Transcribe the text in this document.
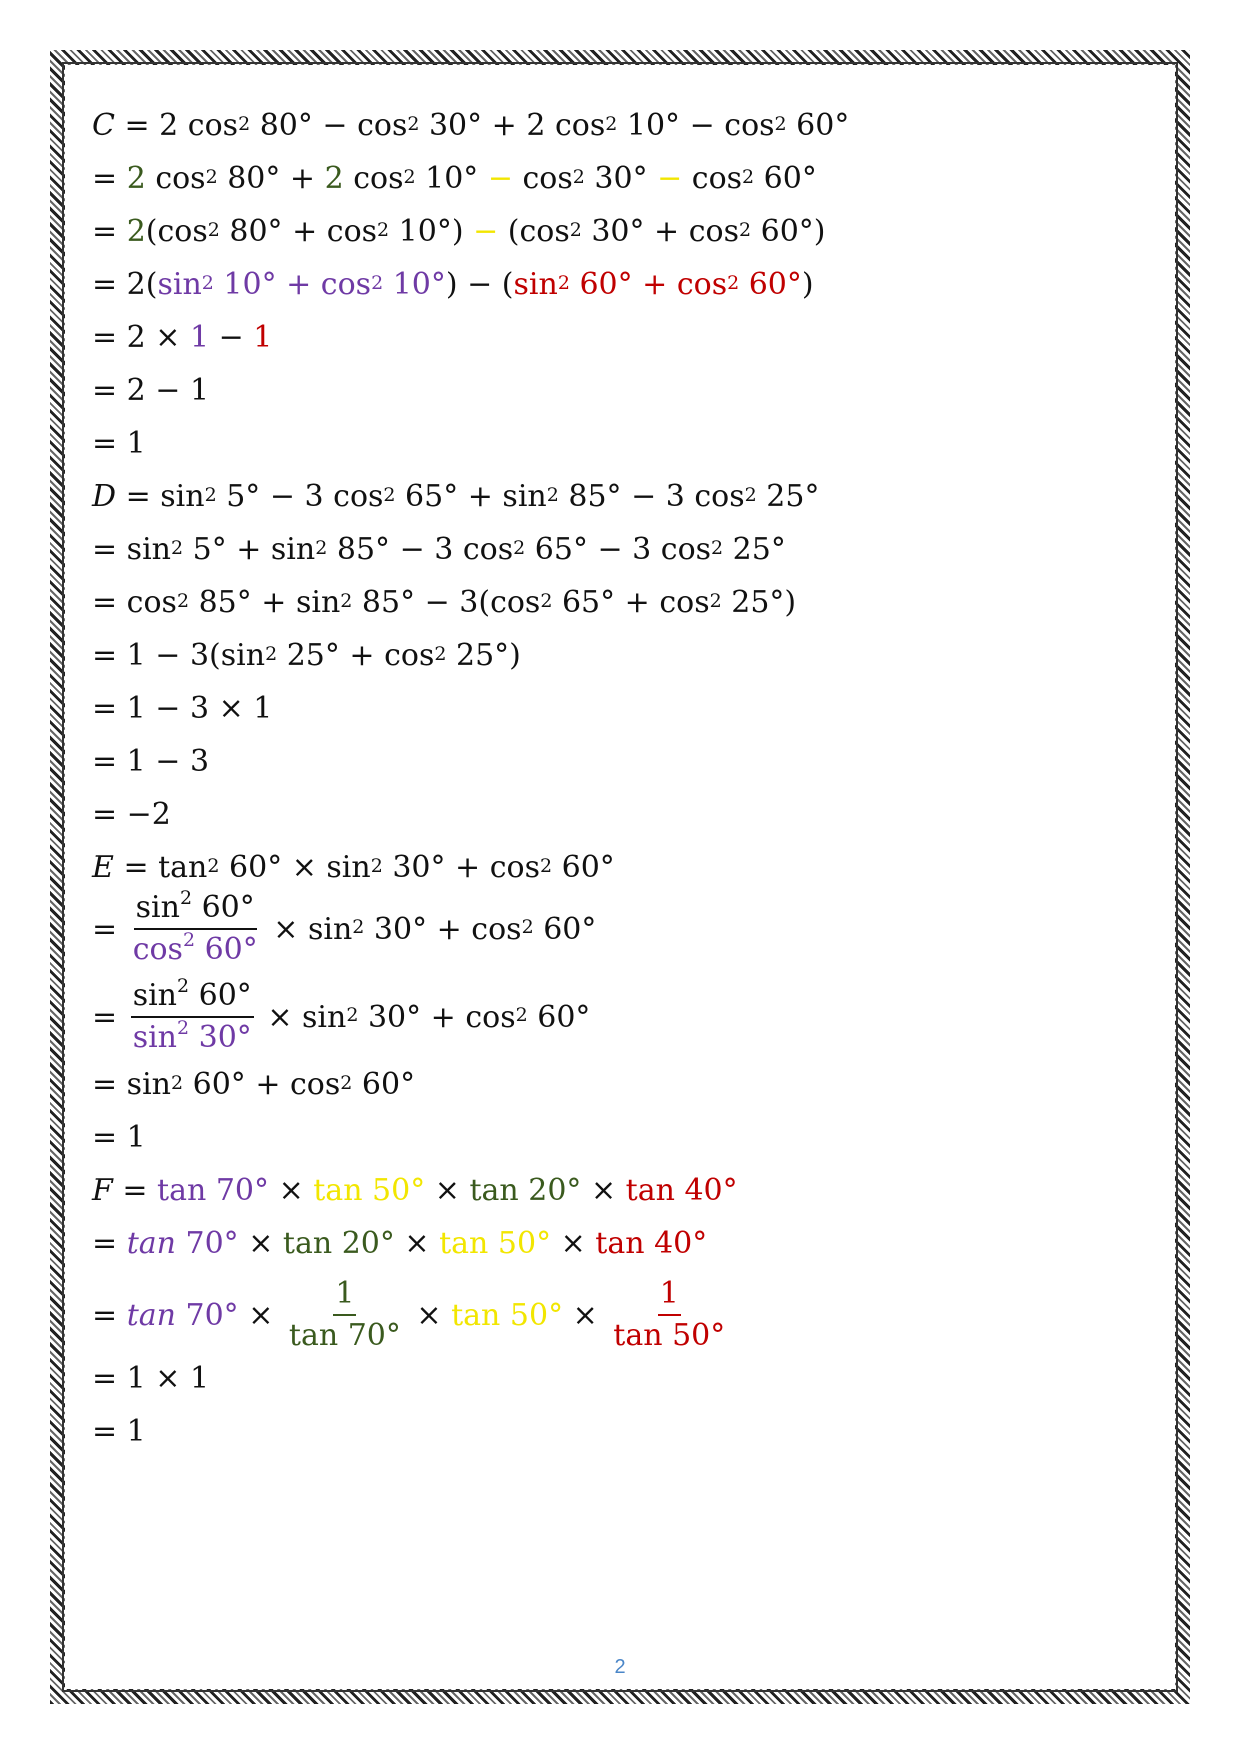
C = 2 $\cos^2 80^\circ - \cos^2 30^\circ + 2$ $\cos^2 10^\circ - \cos^2 60^\circ$
= 2 $\cos^2 80^\circ + 2$ $\cos^2 10^\circ - \cos^2 30^\circ - \cos^2 60^\circ$
= 2 ($\cos^2$ $80^\circ + \cos^2 10^\circ) - (\cos^2$ $30^\circ + \cos^2 60^\circ$)
= 2( $\sin^2 10^\circ + \cos^2 10^\circ$ ) − ( $\sin^2 60^\circ + \cos^2 60^\circ$ )
= 2 × 1 − 1
= 2 − 1
= 1
$D = \sin^2 5^\circ - 3$ $\cos^2 65^\circ + \sin^2 85^\circ - 3$ $\cos^2 25^\circ$
= $\sin^2 5^\circ + \sin^2 85^\circ - 3$ $\cos^2 65^\circ - 3$ $\cos^2 25^\circ$
= $\cos^2 85^\circ + \sin^2 85^\circ - 3(\cos^2$ $65^\circ + \cos^2 25^\circ$)
= $1 - 3(\sin^2$ $25^\circ + \cos^2 25^\circ$)
= 1 − 3 × 1
= 1 − 3
= −2
$E = \tan^2 60^\circ \times \sin^2 30^\circ + \cos^2 60^\circ$
= $\frac{\sin^2 60^\circ}{\cos^2 60^\circ} \times \sin^2 30^\circ + \cos^2 60^\circ$
= $\frac{\sin^2 60^\circ}{\sin^2 30^\circ} \times \sin^2 30^\circ + \cos^2 60^\circ$
= $\sin^2 60^\circ + \cos^2 60^\circ$
= 1
F = tan 70° × tan 50° × tan 20° × tan 40°
= tan 70° × tan 20° × tan 50° × tan 40°
= $\tan 70^\circ \times \frac{1}{\tan 70^\circ} \times \tan 50^\circ \times \frac{1}{\tan 50^\circ}$
= 1 × 1
= 1
2
